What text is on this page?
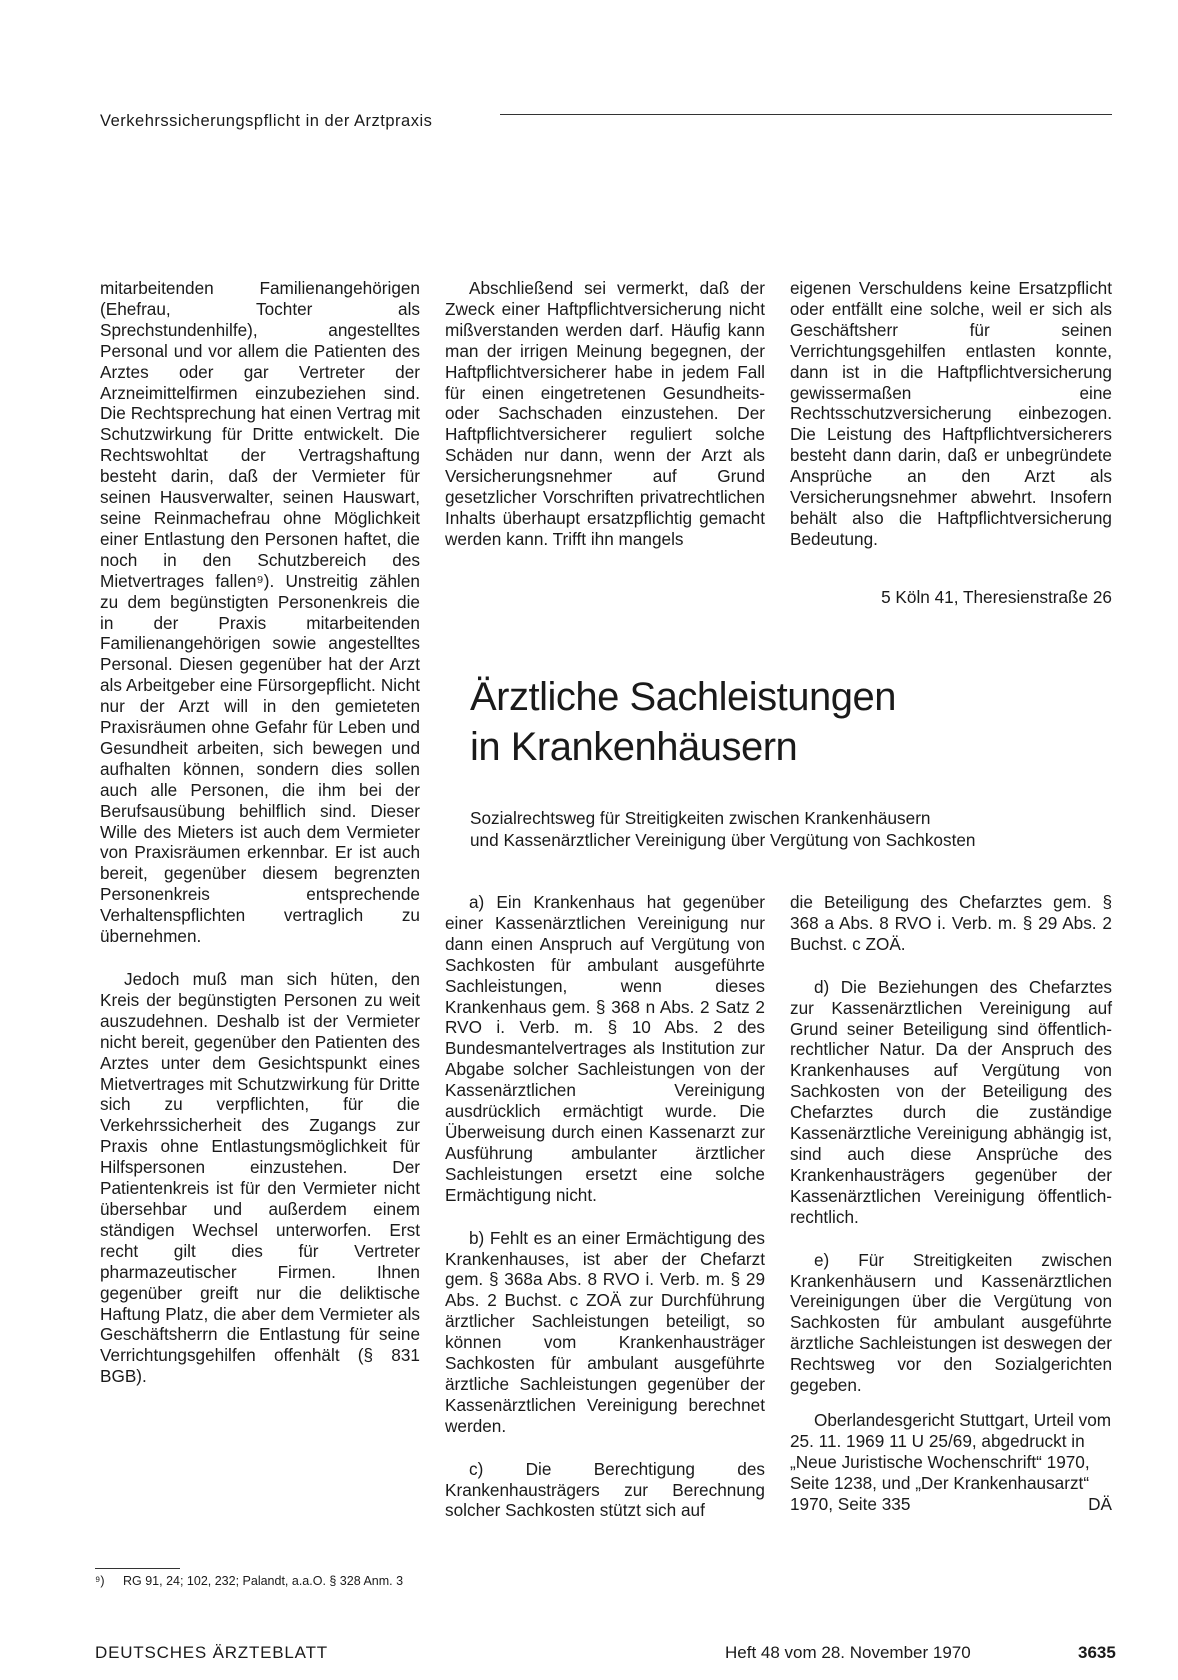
Verkehrssicherungspflicht in der Arztpraxis

mitarbeitenden Familienangehörigen (Ehefrau, Tochter als Sprechstundenhilfe), angestelltes Personal und vor allem die Patienten des Arztes oder gar Vertreter der Arzneimittelfirmen einzubeziehen sind. Die Rechtsprechung hat einen Vertrag mit Schutzwirkung für Dritte entwickelt. Die Rechtswohltat der Vertragshaftung besteht darin, daß der Vermieter für seinen Hausverwalter, seinen Hauswart, seine Reinmachefrau ohne Möglichkeit einer Entlastung den Personen haftet, die noch in den Schutzbereich des Mietvertrages fallen⁹). Unstreitig zählen zu dem begünstigten Personenkreis die in der Praxis mitarbeitenden Familienangehörigen sowie angestelltes Personal. Diesen gegenüber hat der Arzt als Arbeitgeber eine Fürsorgepflicht. Nicht nur der Arzt will in den gemieteten Praxisräumen ohne Gefahr für Leben und Gesundheit arbeiten, sich bewegen und aufhalten können, sondern dies sollen auch alle Personen, die ihm bei der Berufsausübung behilflich sind. Dieser Wille des Mieters ist auch dem Vermieter von Praxisräumen erkennbar. Er ist auch bereit, gegenüber diesem begrenzten Personenkreis entsprechende Verhaltenspflichten vertraglich zu übernehmen.

Jedoch muß man sich hüten, den Kreis der begünstigten Personen zu weit auszudehnen. Deshalb ist der Vermieter nicht bereit, gegenüber den Patienten des Arztes unter dem Gesichtspunkt eines Mietvertrages mit Schutzwirkung für Dritte sich zu verpflichten, für die Verkehrssicherheit des Zugangs zur Praxis ohne Entlastungsmöglichkeit für Hilfspersonen einzustehen. Der Patientenkreis ist für den Vermieter nicht übersehbar und außerdem einem ständigen Wechsel unterworfen. Erst recht gilt dies für Vertreter pharmazeutischer Firmen. Ihnen gegenüber greift nur die deliktische Haftung Platz, die aber dem Vermieter als Geschäftsherrn die Entlastung für seine Verrichtungsgehilfen offenhält (§ 831 BGB).

Abschließend sei vermerkt, daß der Zweck einer Haftpflichtversicherung nicht mißverstanden werden darf. Häufig kann man der irrigen Meinung begegnen, der Haftpflichtversicherer habe in jedem Fall für einen eingetretenen Gesundheits- oder Sachschaden einzustehen. Der Haftpflichtversicherer reguliert solche Schäden nur dann, wenn der Arzt als Versicherungsnehmer auf Grund gesetzlicher Vorschriften privatrechtlichen Inhalts überhaupt ersatzpflichtig gemacht werden kann. Trifft ihn mangels

eigenen Verschuldens keine Ersatzpflicht oder entfällt eine solche, weil er sich als Geschäftsherr für seinen Verrichtungsgehilfen entlasten konnte, dann ist in die Haftpflichtversicherung gewissermaßen eine Rechtsschutzversicherung einbezogen. Die Leistung des Haftpflichtversicherers besteht dann darin, daß er unbegründete Ansprüche an den Arzt als Versicherungsnehmer abwehrt. Insofern behält also die Haftpflichtversicherung Bedeutung.

5 Köln 41, Theresienstraße 26
Ärztliche Sachleistungen
in Krankenhäusern
Sozialrechtsweg für Streitigkeiten zwischen Krankenhäusern
und Kassenärztlicher Vereinigung über Vergütung von Sachkosten

a) Ein Krankenhaus hat gegenüber einer Kassenärztlichen Vereinigung nur dann einen Anspruch auf Vergütung von Sachkosten für ambulant ausgeführte Sachleistungen, wenn dieses Krankenhaus gem. § 368 n Abs. 2 Satz 2 RVO i. Verb. m. § 10 Abs. 2 des Bundesmantelvertrages als Institution zur Abgabe solcher Sachleistungen von der Kassenärztlichen Vereinigung ausdrücklich ermächtigt wurde. Die Überweisung durch einen Kassenarzt zur Ausführung ambulanter ärztlicher Sachleistungen ersetzt eine solche Ermächtigung nicht.

b) Fehlt es an einer Ermächtigung des Krankenhauses, ist aber der Chefarzt gem. § 368a Abs. 8 RVO i. Verb. m. § 29 Abs. 2 Buchst. c ZOÄ zur Durchführung ärztlicher Sachleistungen beteiligt, so können vom Krankenhausträger Sachkosten für ambulant ausgeführte ärztliche Sachleistungen gegenüber der Kassenärztlichen Vereinigung berechnet werden.

c) Die Berechtigung des Krankenhausträgers zur Berechnung solcher Sachkosten stützt sich auf

die Beteiligung des Chefarztes gem. § 368 a Abs. 8 RVO i. Verb. m. § 29 Abs. 2 Buchst. c ZOÄ.

d) Die Beziehungen des Chefarztes zur Kassenärztlichen Vereinigung auf Grund seiner Beteiligung sind öffentlich-rechtlicher Natur. Da der Anspruch des Krankenhauses auf Vergütung von Sachkosten von der Beteiligung des Chefarztes durch die zuständige Kassenärztliche Vereinigung abhängig ist, sind auch diese Ansprüche des Krankenhausträgers gegenüber der Kassenärztlichen Vereinigung öffentlich-rechtlich.

e) Für Streitigkeiten zwischen Krankenhäusern und Kassenärztlichen Vereinigungen über die Vergütung von Sachkosten für ambulant ausgeführte ärztliche Sachleistungen ist deswegen der Rechtsweg vor den Sozialgerichten gegeben.

Oberlandesgericht Stuttgart, Urteil vom 25. 11. 1969 11 U 25/69, abgedruckt in „Neue Juristische Wochenschrift“ 1970, Seite 1238, und „Der Krankenhausarzt“ 1970, Seite 335	DÄ

⁹) RG 91, 24; 102, 232; Palandt, a.a.O. § 328 Anm. 3
DEUTSCHES ÄRZTEBLATT	Heft 48 vom 28. November 1970	3635
